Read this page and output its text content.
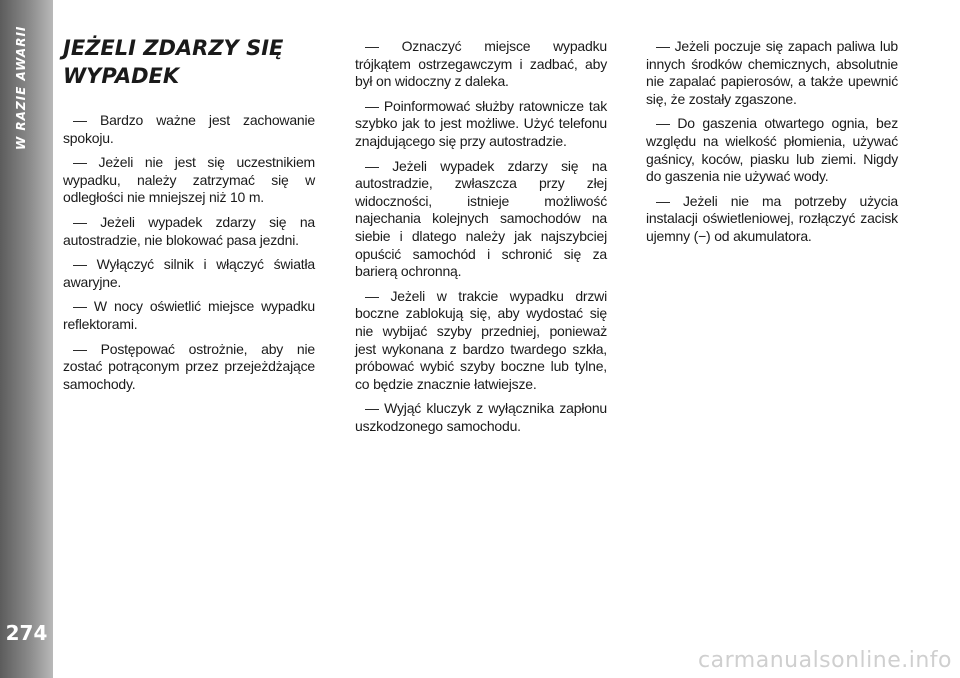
W RAZIE AWARII
274
JEŻELI ZDARZY SIĘ WYPADEK

— Bardzo ważne jest zachowanie spokoju.

— Jeżeli nie jest się uczestnikiem wypadku, należy zatrzymać się w odległości nie mniejszej niż 10 m.

— Jeżeli wypadek zdarzy się na autostradzie, nie blokować pasa jezdni.

— Wyłączyć silnik i włączyć światła awaryjne.

— W nocy oświetlić miejsce wypadku reflektorami.

— Postępować ostrożnie, aby nie zostać potrąconym przez przejeżdżające samochody.

— Oznaczyć miejsce wypadku trójkątem ostrzegawczym i zadbać, aby był on widoczny z daleka.

— Poinformować służby ratownicze tak szybko jak to jest możliwe. Użyć telefonu znajdującego się przy autostradzie.

— Jeżeli wypadek zdarzy się na autostradzie, zwłaszcza przy złej widoczności, istnieje możliwość najechania kolejnych samochodów na siebie i dlatego należy jak najszybciej opuścić samochód i schronić się za barierą ochronną.

— Jeżeli w trakcie wypadku drzwi boczne zablokują się, aby wydostać się nie wybijać szyby przedniej, ponieważ jest wykonana z bardzo twardego szkła, próbować wybić szyby boczne lub tylne, co będzie znacznie łatwiejsze.

— Wyjąć kluczyk z wyłącznika zapłonu uszkodzonego samochodu.

— Jeżeli poczuje się zapach paliwa lub innych środków chemicznych, absolutnie nie zapalać papierosów, a także upewnić się, że zostały zgaszone.

— Do gaszenia otwartego ognia, bez względu na wielkość płomienia, używać gaśnicy, koców, piasku lub ziemi. Nigdy do gaszenia nie używać wody.

— Jeżeli nie ma potrzeby użycia instalacji oświetleniowej, rozłączyć zacisk ujemny (−) od akumulatora.

carmanualsonline.info
